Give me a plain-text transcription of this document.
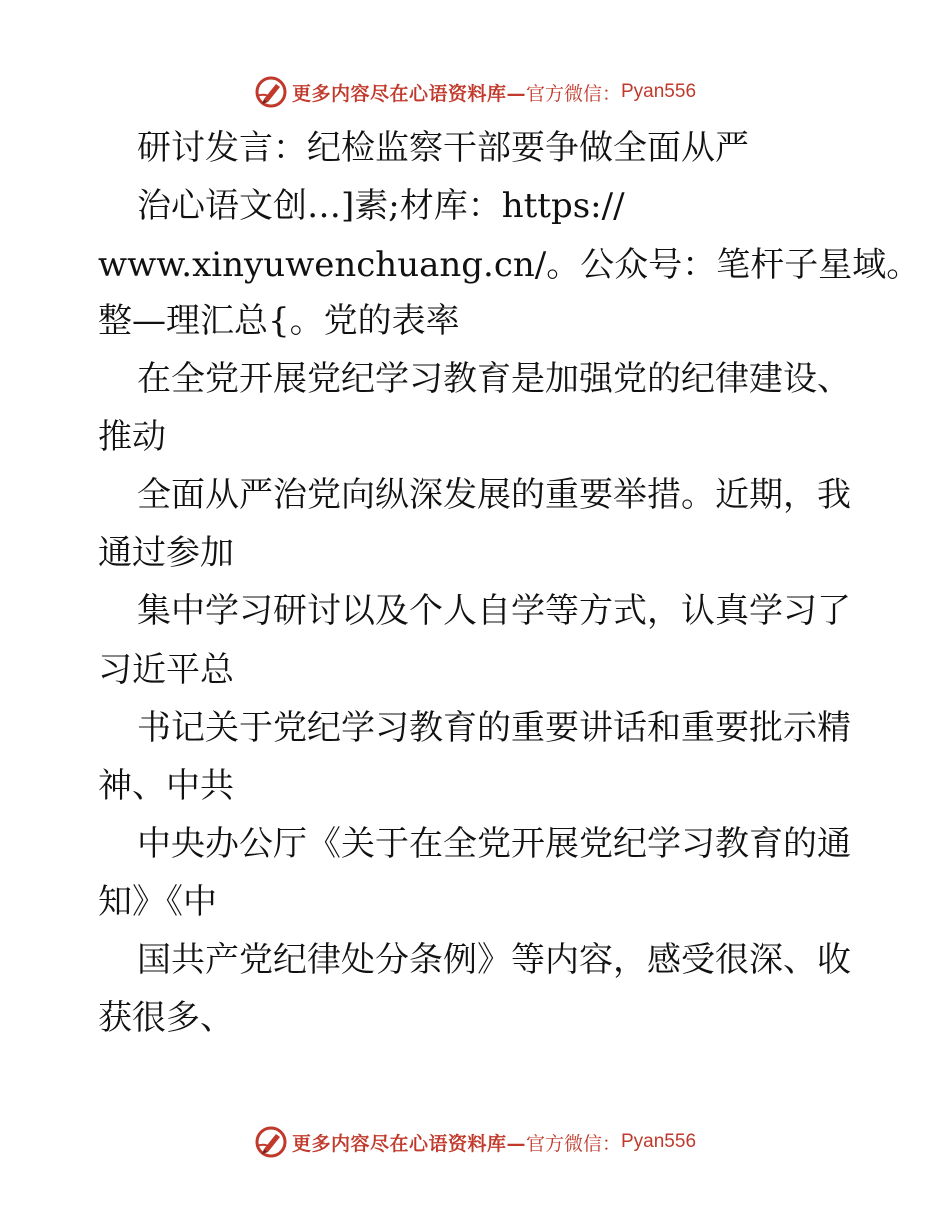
更多内容尽在心语资料库— 官方微信： Pyan556
研讨发言：纪检监察干部要争做全面从严
治心语文创…]素;材库：https://
www.xinyuwenchuang.cn/。公众号：笔杆子星域。
整—理汇总{。党的表率
在全党开展党纪学习教育是加强党的纪律建设、
推动
全面从严治党向纵深发展的重要举措。近期，我
通过参加
集中学习研讨以及个人自学等方式，认真学习了
习近平总
书记关于党纪学习教育的重要讲话和重要批示精
神、中共
中央办公厅《关于在全党开展党纪学习教育的通
知》《中
国共产党纪律处分条例》等内容，感受很深、收
获很多、
更多内容尽在心语资料库— 官方微信： Pyan556
